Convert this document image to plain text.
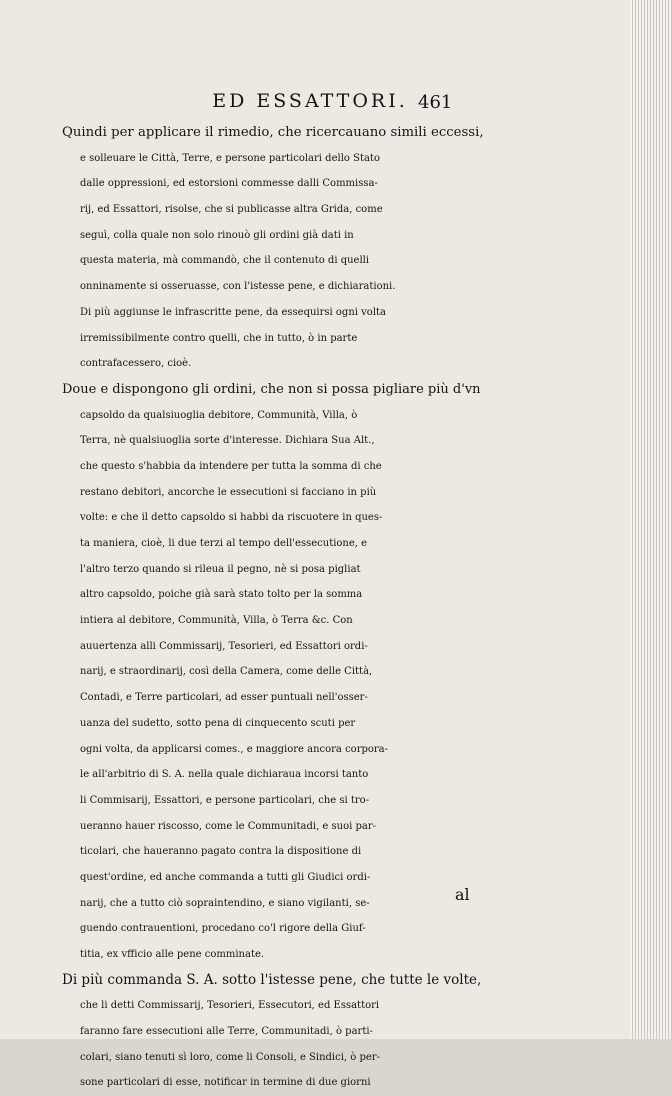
ED ESSATTORI. 461
Quindi per applicare il rimedio, che ricercauano simili eccessi,
e solleuare le Città, Terre, e persone particolari dello Stato
dalle oppressioni, ed estorsioni commesse dalli Commissa-
rij, ed Essattori, risolse, che si publicasse altra Grida, come
seguì, colla quale non solo rinouò gli ordini già dati in
questa materia, mà commandò, che il contenuto di quelli
onninamente si osseruasse, con l'istesse pene, e dichiarationi.
Di più aggiunse le infrascritte pene, da essequirsi ogni volta
irremissibilmente contro quelli, che in tutto, ò in parte
contrafacessero, cioè.
Doue e dispongono gli ordini, che non si possa pigliare più d'vn
capsoldo da qualsiuoglia debitore, Communità, Villa, ò
Terra, nè qualsiuoglia sorte d'interesse. Dichiara Sua Alt.,
che questo s'habbia da intendere per tutta la somma di che
restano debitori, ancorche le essecutioni si facciano in più
volte: e che il detto capsoldo si habbi da riscuotere in ques-
ta maniera, cioè, li due terzi al tempo dell'essecutione, e
l'altro terzo quando si rileua il pegno, nè si posa pigliat
altro capsoldo, poiche già sarà stato tolto per la somma
intiera al debitore, Communità, Villa, ò Terra &c. Con
auuertenza alli Commissarij, Tesorieri, ed Essattori ordi-
narij, e straordinarij, così della Camera, come delle Città,
Contadi, e Terre particolari, ad esser puntuali nell'osser-
uanza del sudetto, sotto pena di cinquecento scuti per
ogni volta, da applicarsi comes., e maggiore ancora corpora-
le all'arbitrio di S. A. nella quale dichiaraua incorsi tanto
li Commisarij, Essattori, e persone particolari, che si tro-
ueranno hauer riscosso, come le Communitadi, e suoi par-
ticolari, che haueranno pagato contra la dispositione di
quest'ordine, ed anche commanda a tutti gli Giudici ordi-
narij, che a tutto ciò sopraintendino, e siano vigilanti, se-
guendo contrauentioni, procedano co'l rigore della Giuf-
titia, ex vfficio alle pene comminate.
Di più commanda S. A. sotto l'istesse pene, che tutte le volte,
che li detti Commissarij, Tesorieri, Essecutori, ed Essattori
faranno fare essecutioni alle Terre, Communitadi, ò parti-
colari, siano tenuti sì loro, come li Consoli, e Sindici, ò per-
sone particolari di esse, notificar in termine di due giorni
al
